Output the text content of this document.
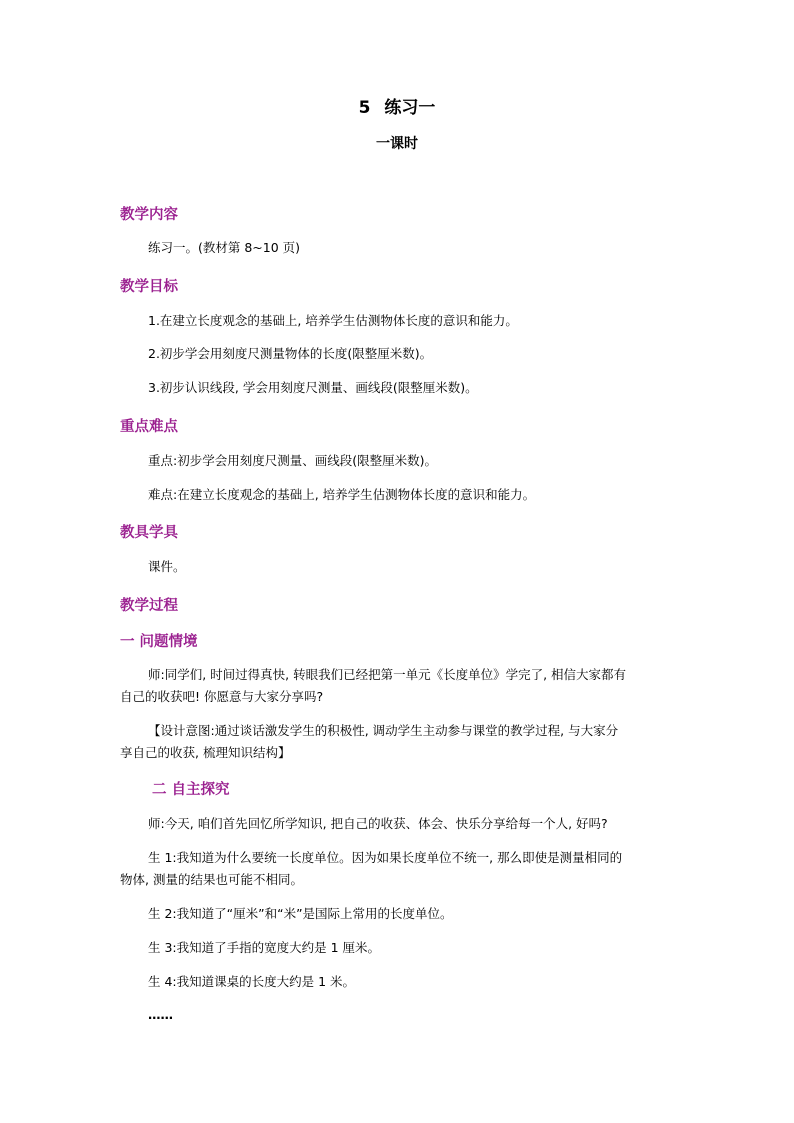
5 练习一
一课时
教学内容
练习一。(教材第 8~10 页)
教学目标
1.在建立长度观念的基础上, 培养学生估测物体长度的意识和能力。
2.初步学会用刻度尺测量物体的长度(限整厘米数)。
3.初步认识线段, 学会用刻度尺测量、画线段(限整厘米数)。
重点难点
重点:初步学会用刻度尺测量、画线段(限整厘米数)。
难点:在建立长度观念的基础上, 培养学生估测物体长度的意识和能力。
教具学具
课件。
教学过程
一 问题情境
师:同学们, 时间过得真快, 转眼我们已经把第一单元《长度单位》学完了, 相信大家都有
自己的收获吧! 你愿意与大家分享吗?
【设计意图:通过谈话激发学生的积极性, 调动学生主动参与课堂的教学过程, 与大家分
享自己的收获, 梳理知识结构】
二 自主探究
师:今天, 咱们首先回忆所学知识, 把自己的收获、体会、快乐分享给每一个人, 好吗?
生 1:我知道为什么要统一长度单位。因为如果长度单位不统一, 那么即使是测量相同的
物体, 测量的结果也可能不相同。
生 2:我知道了“厘米”和“米”是国际上常用的长度单位。
生 3:我知道了手指的宽度大约是 1 厘米。
生 4:我知道课桌的长度大约是 1 米。
……
